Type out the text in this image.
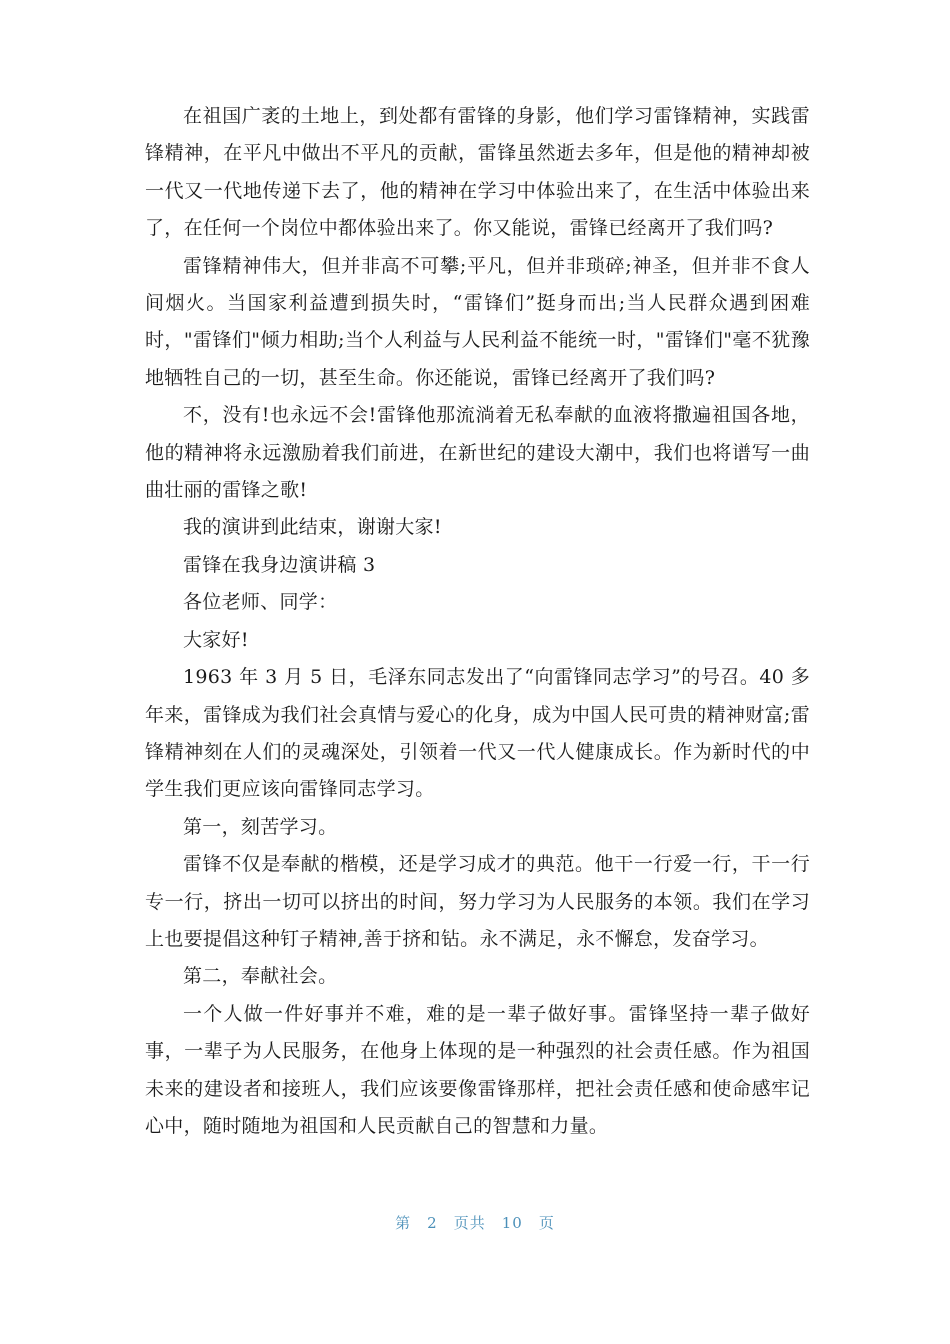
在祖国广袤的土地上，到处都有雷锋的身影，他们学习雷锋精神，实践雷锋精神，在平凡中做出不平凡的贡献，雷锋虽然逝去多年，但是他的精神却被一代又一代地传递下去了，他的精神在学习中体验出来了，在生活中体验出来了，在任何一个岗位中都体验出来了。你又能说，雷锋已经离开了我们吗?

雷锋精神伟大，但并非高不可攀;平凡，但并非琐碎;神圣，但并非不食人间烟火。当国家利益遭到损失时，“雷锋们”挺身而出;当人民群众遇到困难时，"雷锋们"倾力相助;当个人利益与人民利益不能统一时，"雷锋们"毫不犹豫地牺牲自己的一切，甚至生命。你还能说，雷锋已经离开了我们吗?

不，没有!也永远不会!雷锋他那流淌着无私奉献的血液将撒遍祖国各地，他的精神将永远激励着我们前进，在新世纪的建设大潮中，我们也将谱写一曲曲壮丽的雷锋之歌!

我的演讲到此结束，谢谢大家!

雷锋在我身边演讲稿 3

各位老师、同学：

大家好!

1963 年 3 月 5 日，毛泽东同志发出了“向雷锋同志学习”的号召。40 多年来，雷锋成为我们社会真情与爱心的化身，成为中国人民可贵的精神财富;雷锋精神刻在人们的灵魂深处，引领着一代又一代人健康成长。作为新时代的中学生我们更应该向雷锋同志学习。

第一，刻苦学习。

雷锋不仅是奉献的楷模，还是学习成才的典范。他干一行爱一行，干一行专一行，挤出一切可以挤出的时间，努力学习为人民服务的本领。我们在学习上也要提倡这种钉子精神,善于挤和钻。永不满足，永不懈怠，发奋学习。

第二，奉献社会。

一个人做一件好事并不难，难的是一辈子做好事。雷锋坚持一辈子做好事，一辈子为人民服务，在他身上体现的是一种强烈的社会责任感。作为祖国未来的建设者和接班人，我们应该要像雷锋那样，把社会责任感和使命感牢记心中，随时随地为祖国和人民贡献自己的智慧和力量。

第 2 页共 10 页
